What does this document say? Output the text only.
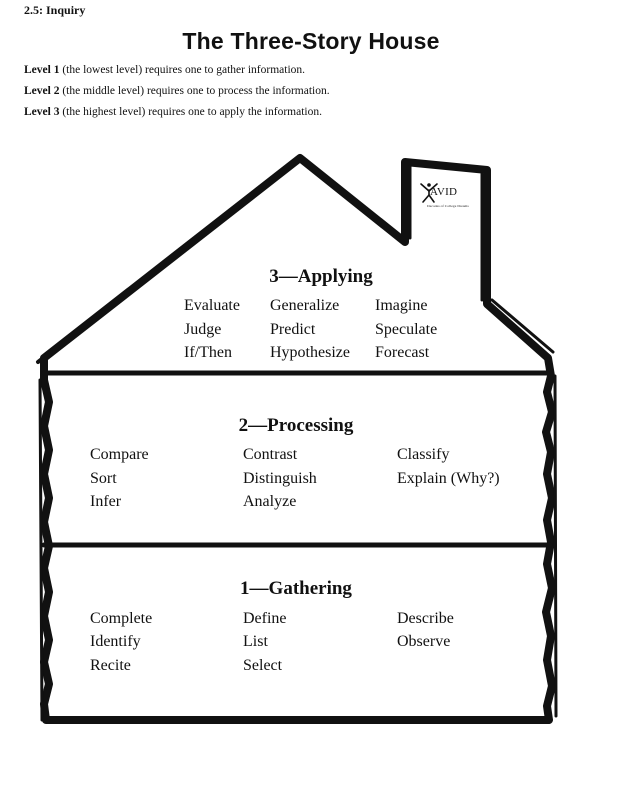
2.5: Inquiry
The Three-Story House
Level 1 (the lowest level) requires one to gather information.
Level 2 (the middle level) requires one to process the information.
Level 3 (the highest level) requires one to apply the information.
AVID
Decades of College Dreams
3—Applying
Evaluate
Judge
If/Then
Generalize
Predict
Hypothesize
Imagine
Speculate
Forecast
2—Processing
Compare
Sort
Infer
Contrast
Distinguish
Analyze
Classify
Explain (Why?)
1—Gathering
Complete
Identify
Recite
Define
List
Select
Describe
Observe
